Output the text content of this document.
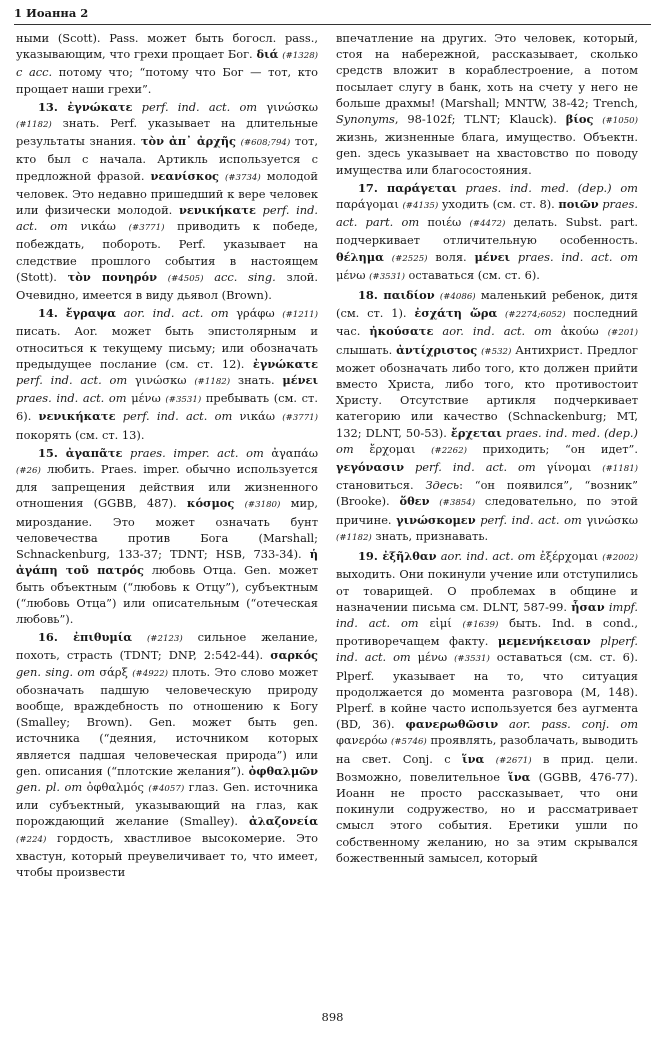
1 Иоанна 2

ными (Scott). Pass. может быть богосл. pass., указывающим, что грехи прощает Бог. διά (#1328) с acc. потому что; “потому что Бог — тот, кто прощает наши грехи”.

13. ἐγνώκατε perf. ind. act. от γινώσκω (#1182) знать. Perf. указывает на длительные результаты знания. τὸν ἀπ᾽ ἀρχῆς (#608;794) тот, кто был с начала. Артикль используется с предложной фразой. νεανίσκος (#3734) молодой человек. Это недавно пришедший к вере человек или физически молодой. νενικήκατε perf. ind. act. от νικάω (#3771) приводить к победе, побеждать, побороть. Perf. указывает на следствие прошлого события в настоящем (Stott). τὸν πονηρόν (#4505) acc. sing. злой. Очевидно, имеется в виду дьявол (Brown).

14. ἔγραψα aor. ind. act. от γράφω (#1211) писать. Aor. может быть эпистолярным и относиться к текущему письму; или обозначать предыдущее послание (см. ст. 12). ἐγνώκατε perf. ind. act. от γινώσκω (#1182) знать. μένει praes. ind. act. от μένω (#3531) пребывать (см. ст. 6). νενικήκατε perf. ind. act. от νικάω (#3771) покорять (см. ст. 13).

15. ἀγαπᾶτε praes. imper. act. от ἀγαπάω (#26) любить. Praes. imper. обычно используется для запрещения действия или жизненного отношения (GGBB, 487). κόσμος (#3180) мир, мироздание. Это может означать бунт человечества против Бога (Marshall; Schnackenburg, 133-37; TDNT; HSB, 733-34). ἡ ἀγάπη τοῦ πατρός любовь Отца. Gen. может быть объектным (“любовь к Отцу”), субъектным (“любовь Отца”) или описательным (“отеческая любовь”).

16. ἐπιθυμία (#2123) сильное желание, похоть, страсть (TDNT; DNP, 2:542-44). σαρκός gen. sing. от σάρξ (#4922) плоть. Это слово может обозначать падшую человеческую природу вообще, враждебность по отношению к Богу (Smalley; Brown). Gen. может быть gen. источника (“деяния, источником которых является падшая человеческая природа”) или gen. описания (“плотские желания”). ὀφθαλμῶν gen. pl. от ὀφθαλμός (#4057) глаз. Gen. источника или субъектный, указывающий на глаз, как порождающий желание (Smalley). ἀλαζονεία (#224) гордость, хвастливое высокомерие. Это хвастун, который преувеличивает то, что имеет, чтобы произвести

впечатление на других. Это человек, который, стоя на набережной, рассказывает, сколько средств вложит в кораблестроение, а потом посылает слугу в банк, хоть на счету у него не больше драхмы! (Marshall; MNTW, 38-42; Trench, Synonyms, 98-102f; TLNT; Klauck). βίος (#1050) жизнь, жизненные блага, имущество. Объектн. gen. здесь указывает на хвастовство по поводу имущества или благосостояния.

17. παράγεται praes. ind. med. (dep.) от παράγομαι (#4135) уходить (см. ст. 8). ποιῶν praes. act. part. от ποιέω (#4472) делать. Subst. part. подчеркивает отличительную особенность. θέλημα (#2525) воля. μένει praes. ind. act. от μένω (#3531) оставаться (см. ст. 6).

18. παιδίον (#4086) маленький ребенок, дитя (см. ст. 1). ἐσχάτη ὥρα (#2274;6052) последний час. ἠκούσατε aor. ind. act. от ἀκούω (#201) слышать. ἀντίχριστος (#532) Антихрист. Предлог может обозначать либо того, кто должен прийти вместо Христа, либо того, кто противостоит Христу. Отсутствие артикля подчеркивает категорию или качество (Schnackenburg; MT, 132; DLNT, 50-53). ἔρχεται praes. ind. med. (dep.) от ἔρχομαι (#2262) приходить; “он идет”. γεγόνασιν perf. ind. act. от γίνομαι (#1181) становиться. Здесь: “он появился”, “возник” (Brooke). ὅθεν (#3854) следовательно, по этой причине. γινώσκομεν perf. ind. act. от γινώσκω (#1182) знать, признавать.

19. ἐξῆλθαν aor. ind. act. от ἐξέρχομαι (#2002) выходить. Они покинули учение или отступились от товарищей. О проблемах в общине и назначении письма см. DLNT, 587-99. ἦσαν impf. ind. act. от εἰμί (#1639) быть. Ind. в cond., противоречащем факту. μεμενήκεισαν plperf. ind. act. от μένω (#3531) оставаться (см. ст. 6). Plperf. указывает на то, что ситуация продолжается до момента разговора (M, 148). Plperf. в койне часто используется без аугмента (BD, 36). φανερωθῶσιν aor. pass. conj. от φανερόω (#5746) проявлять, разоблачать, выводить на свет. Conj. с ἵνα (#2671) в прид. цели. Возможно, повелительное ἵνα (GGBB, 476-77). Иоанн не просто рассказывает, что они покинули содружество, но и рассматривает смысл этого события. Еретики ушли по собственному желанию, но за этим скрывался божественный замысел, который

898
